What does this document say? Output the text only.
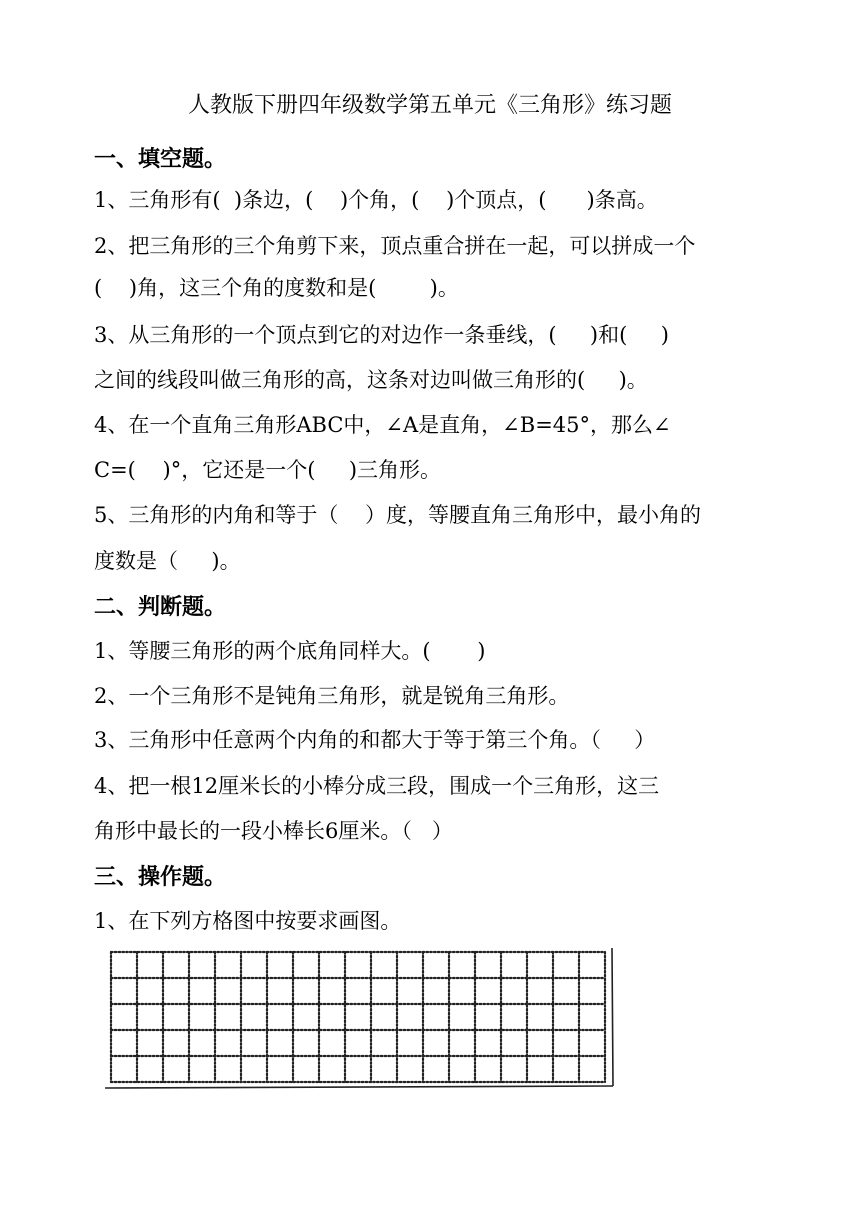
人教版下册四年级数学第五单元《三角形》练习题
一、填空题。
1、三角形有(  )条边，(    )个角，(    )个顶点，(      )条高。
2、把三角形的三个角剪下来，顶点重合拼在一起，可以拼成一个
(    )角，这三个角的度数和是(        )。
3、从三角形的一个顶点到它的对边作一条垂线，(     )和(     )
之间的线段叫做三角形的高，这条对边叫做三角形的(     )。
4、在一个直角三角形ABC中，∠A是直角，∠B=45°，那么∠
C=(    )°，它还是一个(     )三角形。
5、三角形的内角和等于（    ）度，等腰直角三角形中，最小角的
度数是（     )。
二、判断题。
1、等腰三角形的两个底角同样大。(       )
2、一个三角形不是钝角三角形，就是锐角三角形。
3、三角形中任意两个内角的和都大于等于第三个角。（     ）
4、把一根12厘米长的小棒分成三段，围成一个三角形，这三
角形中最长的一段小棒长6厘米。（   ）
三、操作题。
1、在下列方格图中按要求画图。
